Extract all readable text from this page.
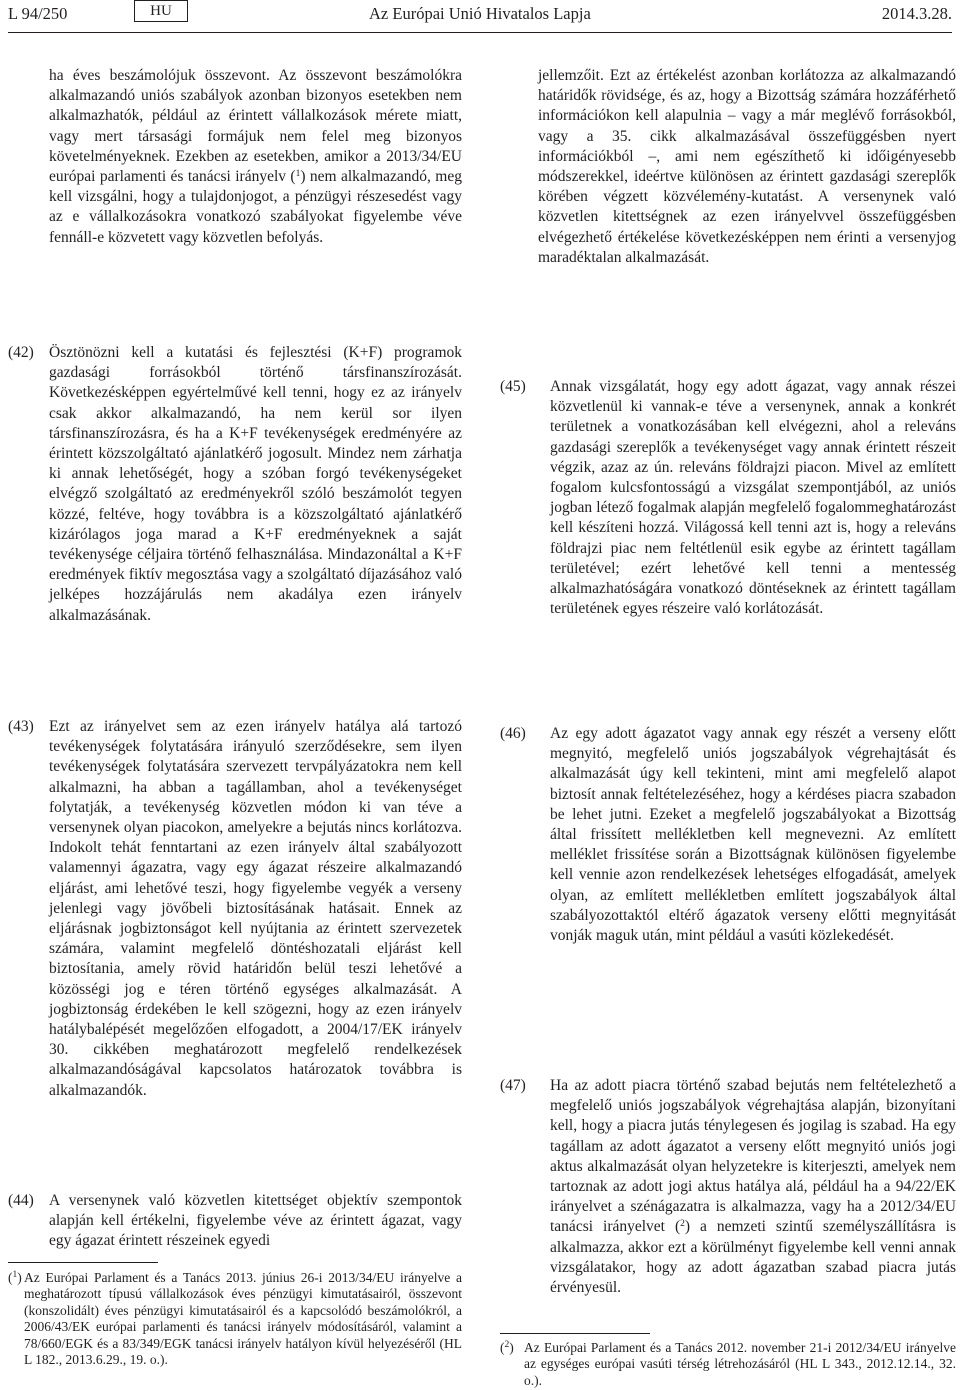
L 94/250	HU	Az Európai Unió Hivatalos Lapja	2014.3.28.
ha éves beszámolójuk összevont. Az összevont beszámolókra alkalmazandó uniós szabályok azonban bizonyos esetekben nem alkalmazhatók, például az érintett vállalkozások mérete miatt, vagy mert társasági formájuk nem felel meg bizonyos követelményeknek. Ezekben az esetekben, amikor a 2013/34/EU európai parlamenti és tanácsi irányelv ($^1$) nem alkalmazandó, meg kell vizsgálni, hogy a tulajdonjogot, a pénzügyi részesedést vagy az e vállalkozásokra vonatkozó szabályokat figyelembe véve fennáll-e közvetett vagy közvetlen befolyás.
(42) Ösztönözni kell a kutatási és fejlesztési (K+F) programok gazdasági forrásokból történő társfinanszírozását. Következésképpen egyértelművé kell tenni, hogy ez az irányelv csak akkor alkalmazandó, ha nem kerül sor ilyen társfinanszírozásra, és ha a K+F tevékenységek eredményére az érintett közszolgáltató ajánlatkérő jogosult. Mindez nem zárhatja ki annak lehetőségét, hogy a szóban forgó tevékenységeket elvégző szolgáltató az eredményekről szóló beszámolót tegyen közzé, feltéve, hogy továbbra is a közszolgáltató ajánlatkérő kizárólagos joga marad a K+F eredményeknek a saját tevékenysége céljaira történő felhasználása. Mindazonáltal a K+F eredmények fiktív megosztása vagy a szolgáltató díjazásához való jelképes hozzájárulás nem akadálya ezen irányelv alkalmazásának.
(43) Ezt az irányelvet sem az ezen irányelv hatálya alá tartozó tevékenységek folytatására irányuló szerződésekre, sem ilyen tevékenységek folytatására szervezett tervpályázatokra nem kell alkalmazni, ha abban a tagállamban, ahol a tevékenységet folytatják, a tevékenység közvetlen módon ki van téve a versenynek olyan piacokon, amelyekre a bejutás nincs korlátozva. Indokolt tehát fenntartani az ezen irányelv által szabályozott valamennyi ágazatra, vagy egy ágazat részeire alkalmazandó eljárást, ami lehetővé teszi, hogy figyelembe vegyék a verseny jelenlegi vagy jövőbeli biztosításának hatásait. Ennek az eljárásnak jogbiztonságot kell nyújtania az érintett szervezetek számára, valamint megfelelő döntéshozatali eljárást kell biztosítania, amely rövid határidőn belül teszi lehetővé a közösségi jog e téren történő egységes alkalmazását. A jogbiztonság érdekében le kell szögezni, hogy az ezen irányelv hatálybalépését megelőzően elfogadott, a 2004/17/EK irányelv 30. cikkében meghatározott megfelelő rendelkezések alkalmazandóságával kapcsolatos határozatok továbbra is alkalmazandók.
(44) A versenynek való közvetlen kitettséget objektív szempontok alapján kell értékelni, figyelembe véve az érintett ágazat, vagy egy ágazat érintett részeinek egyedi
($^1$) Az Európai Parlament és a Tanács 2013. június 26-i 2013/34/EU irányelve a meghatározott típusú vállalkozások éves pénzügyi kimutatásairól, összevont (konszolidált) éves pénzügyi kimutatásairól és a kapcsolódó beszámolókról, a 2006/43/EK európai parlamenti és tanácsi irányelv módosításáról, valamint a 78/660/EGK és a 83/349/EGK tanácsi irányelv hatályon kívül helyezéséről (HL L 182., 2013.6.29., 19. o.).
jellemzőit. Ezt az értékelést azonban korlátozza az alkalmazandó határidők rövidsége, és az, hogy a Bizottság számára hozzáférhető információkon kell alapulnia – vagy a már meglévő forrásokból, vagy a 35. cikk alkalmazásával összefüggésben nyert információkból –, ami nem egészíthető ki időigényesebb módszerekkel, ideértve különösen az érintett gazdasági szereplők körében végzett közvélemény-kutatást. A versenynek való közvetlen kitettségnek az ezen irányelvvel összefüggésben elvégezhető értékelése következésképpen nem érinti a versenyjog maradéktalan alkalmazását.
(45) Annak vizsgálatát, hogy egy adott ágazat, vagy annak részei közvetlenül ki vannak-e téve a versenynek, annak a konkrét területnek a vonatkozásában kell elvégezni, ahol a releváns gazdasági szereplők a tevékenységet vagy annak érintett részeit végzik, azaz az ún. releváns földrajzi piacon. Mivel az említett fogalom kulcsfontosságú a vizsgálat szempontjából, az uniós jogban létező fogalmak alapján megfelelő fogalommeghatározást kell készíteni hozzá. Világossá kell tenni azt is, hogy a releváns földrajzi piac nem feltétlenül esik egybe az érintett tagállam területével; ezért lehetővé kell tenni a mentesség alkalmazhatóságára vonatkozó döntéseknek az érintett tagállam területének egyes részeire való korlátozását.
(46) Az egy adott ágazatot vagy annak egy részét a verseny előtt megnyitó, megfelelő uniós jogszabályok végrehajtását és alkalmazását úgy kell tekinteni, mint ami megfelelő alapot biztosít annak feltételezéséhez, hogy a kérdéses piacra szabadon be lehet jutni. Ezeket a megfelelő jogszabályokat a Bizottság által frissített mellékletben kell megnevezni. Az említett melléklet frissítése során a Bizottságnak különösen figyelembe kell vennie azon rendelkezések lehetséges elfogadását, amelyek olyan, az említett mellékletben említett jogszabályok által szabályozottaktól eltérő ágazatok verseny előtti megnyitását vonják maguk után, mint például a vasúti közlekedését.
(47) Ha az adott piacra történő szabad bejutás nem feltételezhető a megfelelő uniós jogszabályok végrehajtása alapján, bizonyítani kell, hogy a piacra jutás ténylegesen és jogilag is szabad. Ha egy tagállam az adott ágazatot a verseny előtt megnyitó uniós jogi aktus alkalmazását olyan helyzetekre is kiterjeszti, amelyek nem tartoznak az adott jogi aktus hatálya alá, például ha a 94/22/EK irányelvet a szénágazatra is alkalmazza, vagy ha a 2012/34/EU tanácsi irányelvet ($^2$) a nemzeti szintű személyszállításra is alkalmazza, akkor ezt a körülményt figyelembe kell venni annak vizsgálatakor, hogy az adott ágazatban szabad piacra jutás érvényesül.
($^2$) Az Európai Parlament és a Tanács 2012. november 21-i 2012/34/EU irányelve az egységes európai vasúti térség létrehozásáról (HL L 343., 2012.12.14., 32. o.).
